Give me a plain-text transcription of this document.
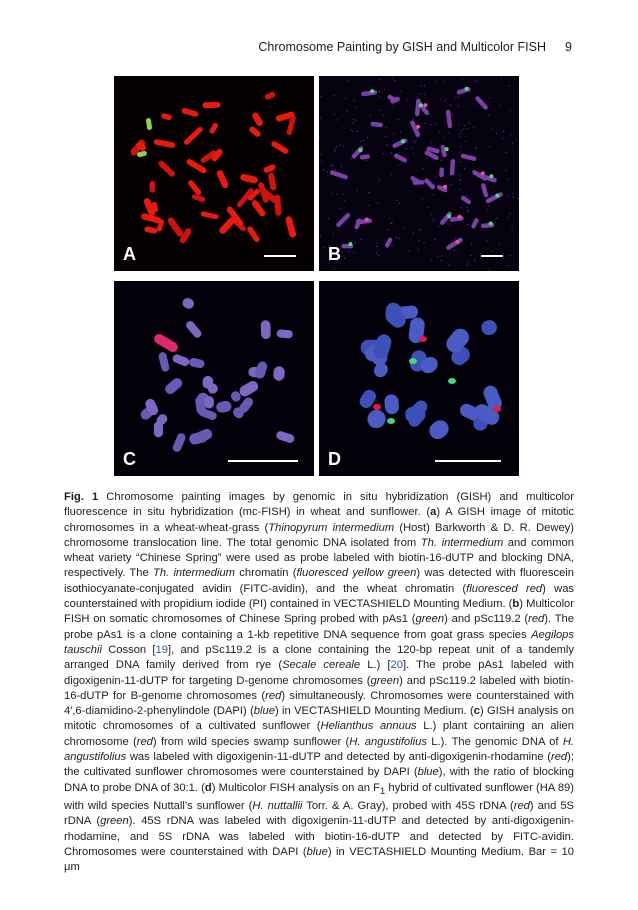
Chromosome Painting by GISH and Multicolor FISH 9
A	B
C	D

Fig. 1 Chromosome painting images by genomic in situ hybridization (GISH) and multicolor fluorescence in situ hybridization (mc-FISH) in wheat and sunflower. (a) A GISH image of mitotic chromosomes in a wheat-wheat-grass (Thinopyrum intermedium (Host) Barkworth & D. R. Dewey) chromosome translocation line. The total genomic DNA isolated from Th. intermedium and common wheat variety “Chinese Spring” were used as probe labeled with biotin-16-dUTP and blocking DNA, respectively. The Th. intermedium chromatin (fluoresced yellow green) was detected with fluorescein isothiocyanate-conjugated avidin (FITC-avidin), and the wheat chromatin (fluoresced red) was counterstained with propidium iodide (PI) contained in VECTASHIELD Mounting Medium. (b) Multicolor FISH on somatic chromosomes of Chinese Spring probed with pAs1 (green) and pSc119.2 (red). The probe pAs1 is a clone containing a 1-kb repetitive DNA sequence from goat grass species Aegilops tauschii Cosson [19], and pSc119.2 is a clone containing the 120-bp repeat unit of a tandemly arranged DNA family derived from rye (Secale cereale L.) [20]. The probe pAs1 labeled with digoxigenin-11-dUTP for targeting D-genome chromosomes (green) and pSc119.2 labeled with biotin-16-dUTP for B-genome chromosomes (red) simultaneously. Chromosomes were counterstained with 4′,6-diamidino-2-phenylindole (DAPI) (blue) in VECTASHIELD Mounting Medium. (c) GISH analysis on mitotic chromosomes of a cultivated sunflower (Helianthus annuus L.) plant containing an alien chromosome (red) from wild species swamp sunflower (H. angustifolius L.). The genomic DNA of H. angustifolius was labeled with digoxigenin-11-dUTP and detected by anti-digoxigenin-rhodamine (red); the cultivated sunflower chromosomes were counterstained by DAPI (blue), with the ratio of blocking DNA to probe DNA of 30:1. (d) Multicolor FISH analysis on an $F_1$ hybrid of cultivated sunflower (HA 89) with wild species Nuttall’s sunflower (H. nuttallii Torr. & A. Gray), probed with 45S rDNA (red) and 5S rDNA (green). 45S rDNA was labeled with digoxigenin-11-dUTP and detected by anti-digoxigenin-rhodamine, and 5S rDNA was labeled with biotin-16-dUTP and detected by FITC-avidin. Chromosomes were counterstained with DAPI (blue) in VECTASHIELD Mounting Medium. Bar = 10 μm
